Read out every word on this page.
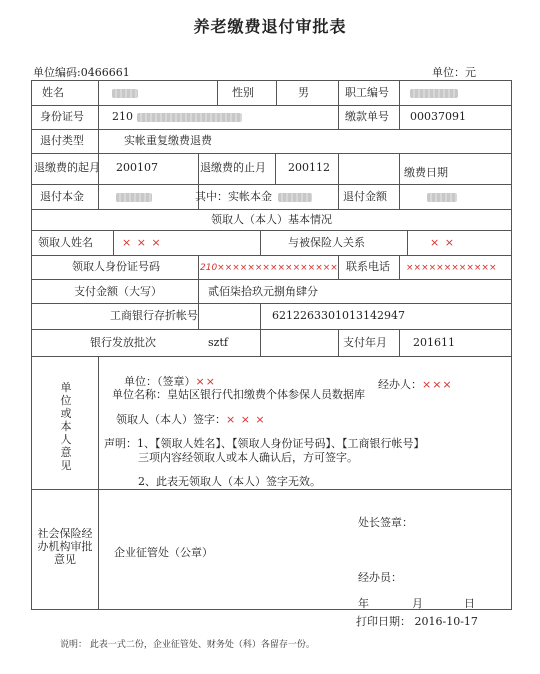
养老缴费退付审批表
单位编码:0466661	单位：元
姓名	性别	男	职工编号
身份证号	210	缴款单号 00037091
退付类型	实帐重复缴费退费
退缴费的起月 200107	退缴费的止月 200112	缴费日期
退付本金	其中：实帐本金	退付金额
领取人（本人）基本情况
领取人姓名	× × ×	与被保险人关系	× ×
领取人身份证号码	210×××××××××××××××× 联系电话 ××××××××××××
支付金额（大写）	贰佰柒拾玖元捌角肆分
工商银行存折帐号	6212263301013142947
银行发放批次	sztf	支付年月 201611
单位或本人意见
单位：（签章）××	经办人：×××
单位名称：皇姑区银行代扣缴费个体参保人员数据库
领取人（本人）签字：× × ×
声明：1、【领取人姓名】、【领取人身份证号码】、【工商银行帐号】
三项内容经领取人或本人确认后，方可签字。
2、此表无领取人（本人）签字无效。
社会保险经办机构审批意见
处长签章：
企业征管处（公章）
经办员：
年	月	日
打印日期： 2016-10-17
说明： 此表一式二份，企业征管处、财务处（科）各留存一份。
